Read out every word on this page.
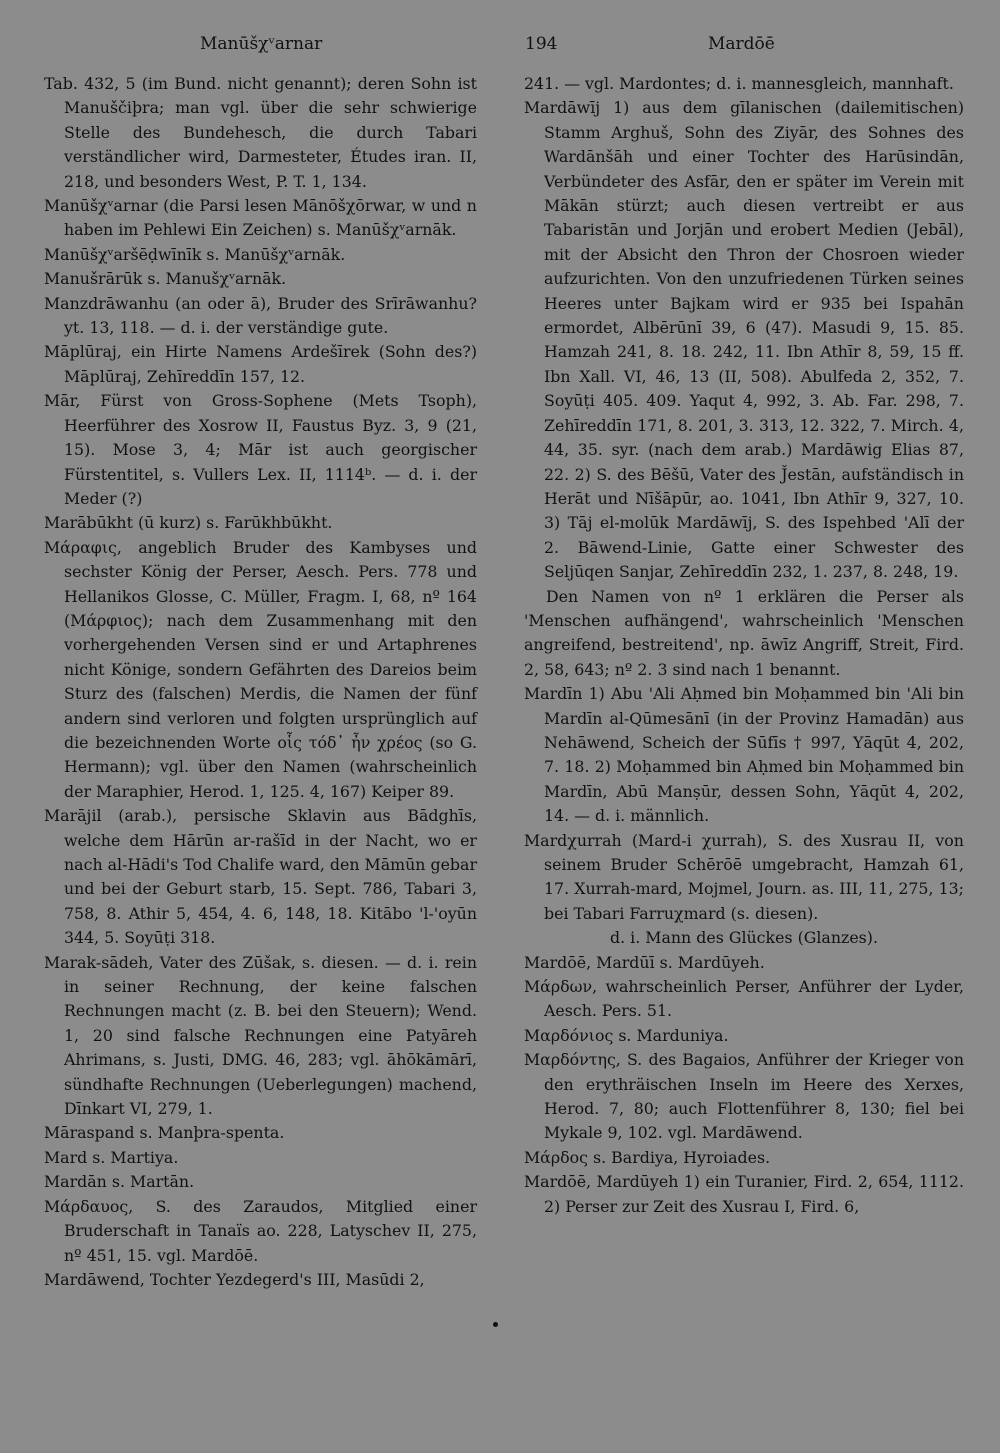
Manūšχᵛarnar	194	Mardōē

Tab. 432, 5 (im Bund. nicht genannt); deren Sohn ist Manuščiþra; man vgl. über die sehr schwierige Stelle des Bundehesch, die durch Tabari verständlicher wird, Darmesteter, Études iran. II, 218, und besonders West, P. T. 1, 134.

Manūšχᵛarnar (die Parsi lesen Mānōšχōrwar, w und n haben im Pehlewi Ein Zeichen) s. Manūšχᵛarnāk.

Manūšχᵛaršēḍwīnīk s. Manūšχᵛarnāk.

Manušrārūk s. Manušχᵛarnāk.

Manzdrāwanhu (an oder ā), Bruder des Srīrāwanhu? yt. 13, 118. — d. i. der verständige gute.

Māplūraj, ein Hirte Namens Ardešīrek (Sohn des?) Māplūraj, Zehīreddīn 157, 12.

Mār, Fürst von Gross-Sophene (Mets Tsoph), Heerführer des Xosrow II, Faustus Byz. 3, 9 (21, 15). Mose 3, 4; Mār ist auch georgischer Fürstentitel, s. Vullers Lex. II, 1114ᵇ. — d. i. der Meder (?)

Marābūkht (ū kurz) s. Farūkhbūkht.

Μάραφις, angeblich Bruder des Kambyses und sechster König der Perser, Aesch. Pers. 778 und Hellanikos Glosse, C. Müller, Fragm. I, 68, nº 164 (Μάρφιος); nach dem Zusammenhang mit den vorhergehenden Versen sind er und Artaphrenes nicht Könige, sondern Gefährten des Dareios beim Sturz des (falschen) Merdis, die Namen der fünf andern sind verloren und folgten ursprünglich auf die bezeichnenden Worte οἷς τόδ᾽ ἦν χρέος (so G. Hermann); vgl. über den Namen (wahrscheinlich der Maraphier, Herod. 1, 125. 4, 167) Keiper 89.

Marājil (arab.), persische Sklavin aus Bādghīs, welche dem Hārūn ar-rašīd in der Nacht, wo er nach al-Hādi's Tod Chalife ward, den Māmūn gebar und bei der Geburt starb, 15. Sept. 786, Tabari 3, 758, 8. Athir 5, 454, 4. 6, 148, 18. Kitābo 'l-'oyūn 344, 5. Soyūṭi 318.

Marak-sādeh, Vater des Zūšak, s. diesen. — d. i. rein in seiner Rechnung, der keine falschen Rechnungen macht (z. B. bei den Steuern); Wend. 1, 20 sind falsche Rechnungen eine Patyāreh Ahrimans, s. Justi, DMG. 46, 283; vgl. āhōkāmārī, sündhafte Rechnungen (Ueberlegungen) machend, Dīnkart VI, 279, 1.

Māraspand s. Manþra-spenta.

Mard s. Martiya.

Mardān s. Martān.

Μάρδαυος, S. des Zaraudos, Mitglied einer Bruderschaft in Tanaïs ao. 228, Latyschev II, 275, nº 451, 15. vgl. Mardōē.

Mardāwend, Tochter Yezdegerd's III, Masūdi 2,

241. — vgl. Mardontes; d. i. mannesgleich, mannhaft.

Mardāwīj 1) aus dem gīlanischen (dailemitischen) Stamm Arghuš, Sohn des Ziyār, des Sohnes des Wardānšāh und einer Tochter des Harūsindān, Verbündeter des Asfār, den er später im Verein mit Mākān stürzt; auch diesen vertreibt er aus Tabaristān und Jorjān und erobert Medien (Jebāl), mit der Absicht den Thron der Chosroen wieder aufzurichten. Von den unzufriedenen Türken seines Heeres unter Bajkam wird er 935 bei Ispahān ermordet, Albērūnī 39, 6 (47). Masudi 9, 15. 85. Hamzah 241, 8. 18. 242, 11. Ibn Athīr 8, 59, 15 ff. Ibn Xall. VI, 46, 13 (II, 508). Abulfeda 2, 352, 7. Soyūṭi 405. 409. Yaqut 4, 992, 3. Ab. Far. 298, 7. Zehīreddīn 171, 8. 201, 3. 313, 12. 322, 7. Mirch. 4, 44, 35. syr. (nach dem arab.) Mardāwig Elias 87, 22. 2) S. des Bēšū, Vater des J̌estān, aufständisch in Herāt und Nīšāpūr, ao. 1041, Ibn Athīr 9, 327, 10. 3) Tāj el-molūk Mardāwīj, S. des Ispehbed 'Alī der 2. Bāwend-Linie, Gatte einer Schwester des Seljūqen Sanjar, Zehīreddīn 232, 1. 237, 8. 248, 19.

Den Namen von nº 1 erklären die Perser als 'Menschen aufhängend', wahrscheinlich 'Menschen angreifend, bestreitend', np. āwīz Angriff, Streit, Fird. 2, 58, 643; nº 2. 3 sind nach 1 benannt.

Mardīn 1) Abu 'Ali Aḥmed bin Moḥammed bin 'Ali bin Mardīn al-Qūmesānī (in der Provinz Hamadān) aus Nehāwend, Scheich der Sūfīs † 997, Yāqūt 4, 202, 7. 18. 2) Moḥammed bin Aḥmed bin Moḥammed bin Mardīn, Abū Manṣūr, dessen Sohn, Yāqūt 4, 202, 14. — d. i. männlich.

Mardχurrah (Mard-i χurrah), S. des Xusrau II, von seinem Bruder Schērōē umgebracht, Hamzah 61, 17. Xurrah-mard, Mojmel, Journ. as. III, 11, 275, 13; bei Tabari Farruχmard (s. diesen).

d. i. Mann des Glückes (Glanzes).

Mardōē, Mardūī s. Mardūyeh.

Μάρδων, wahrscheinlich Perser, Anführer der Lyder, Aesch. Pers. 51.

Μαρδόνιος s. Marduniya.

Μαρδόντης, S. des Bagaios, Anführer der Krieger von den erythräischen Inseln im Heere des Xerxes, Herod. 7, 80; auch Flottenführer 8, 130; fiel bei Mykale 9, 102. vgl. Mardāwend.

Μάρδος s. Bardiya, Hyroiades.

Mardōē, Mardūyeh 1) ein Turanier, Fird. 2, 654, 1112. 2) Perser zur Zeit des Xusrau I, Fird. 6,
